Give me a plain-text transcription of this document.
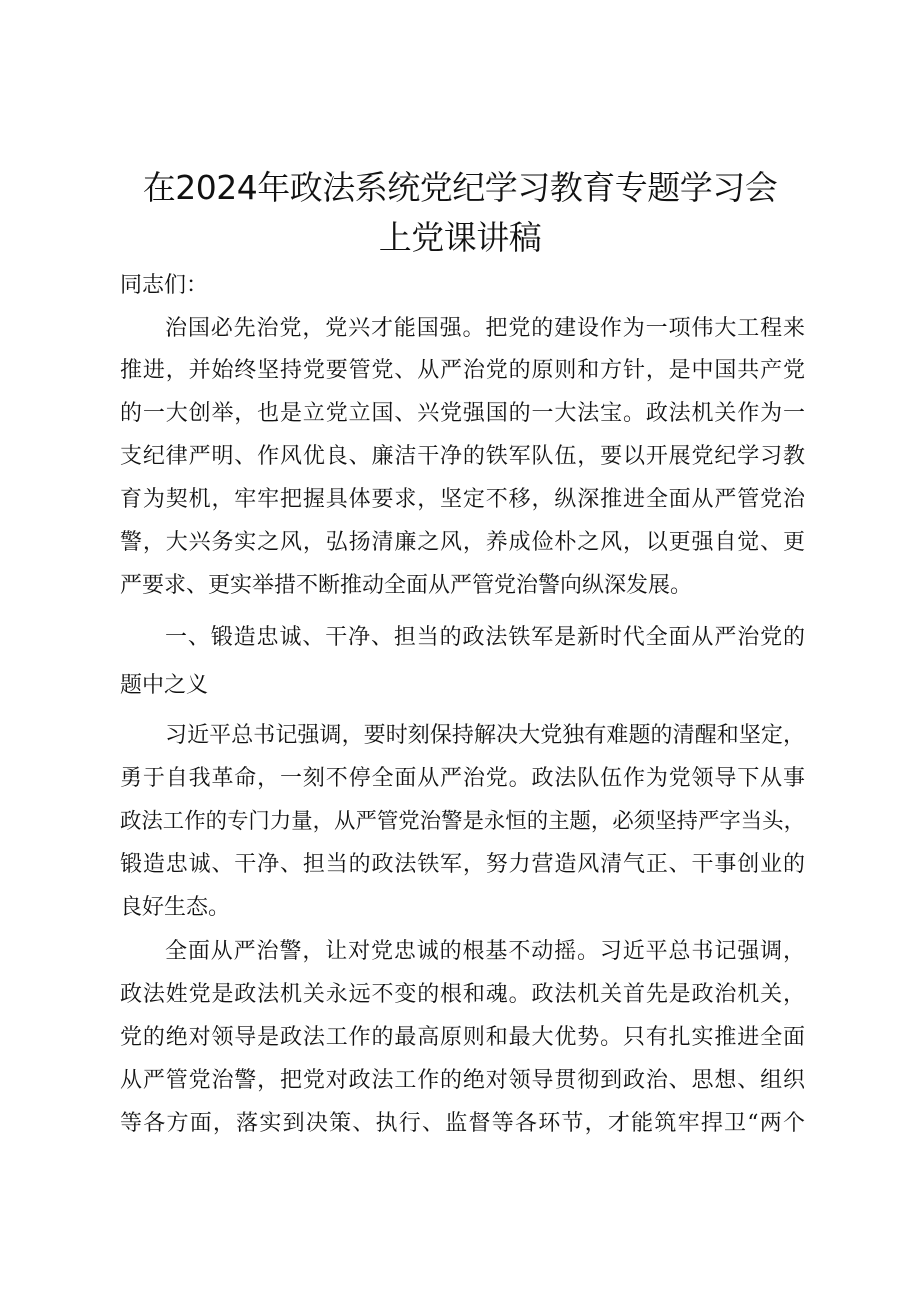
在2024年政法系统党纪学习教育专题学习会
上党课讲稿
同志们：
治国必先治党，党兴才能国强。把党的建设作为一项伟大工程来
推进，并始终坚持党要管党、从严治党的原则和方针，是中国共产党
的一大创举，也是立党立国、兴党强国的一大法宝。政法机关作为一
支纪律严明、作风优良、廉洁干净的铁军队伍，要以开展党纪学习教
育为契机，牢牢把握具体要求，坚定不移，纵深推进全面从严管党治
警，大兴务实之风，弘扬清廉之风，养成俭朴之风，以更强自觉、更
严要求、更实举措不断推动全面从严管党治警向纵深发展。
一、锻造忠诚、干净、担当的政法铁军是新时代全面从严治党的
题中之义
习近平总书记强调，要时刻保持解决大党独有难题的清醒和坚定，
勇于自我革命，一刻不停全面从严治党。政法队伍作为党领导下从事
政法工作的专门力量，从严管党治警是永恒的主题，必须坚持严字当头，
锻造忠诚、干净、担当的政法铁军，努力营造风清气正、干事创业的
良好生态。
全面从严治警，让对党忠诚的根基不动摇。习近平总书记强调，
政法姓党是政法机关永远不变的根和魂。政法机关首先是政治机关，
党的绝对领导是政法工作的最高原则和最大优势。只有扎实推进全面
从严管党治警，把党对政法工作的绝对领导贯彻到政治、思想、组织
等各方面，落实到决策、执行、监督等各环节，才能筑牢捍卫“两个
